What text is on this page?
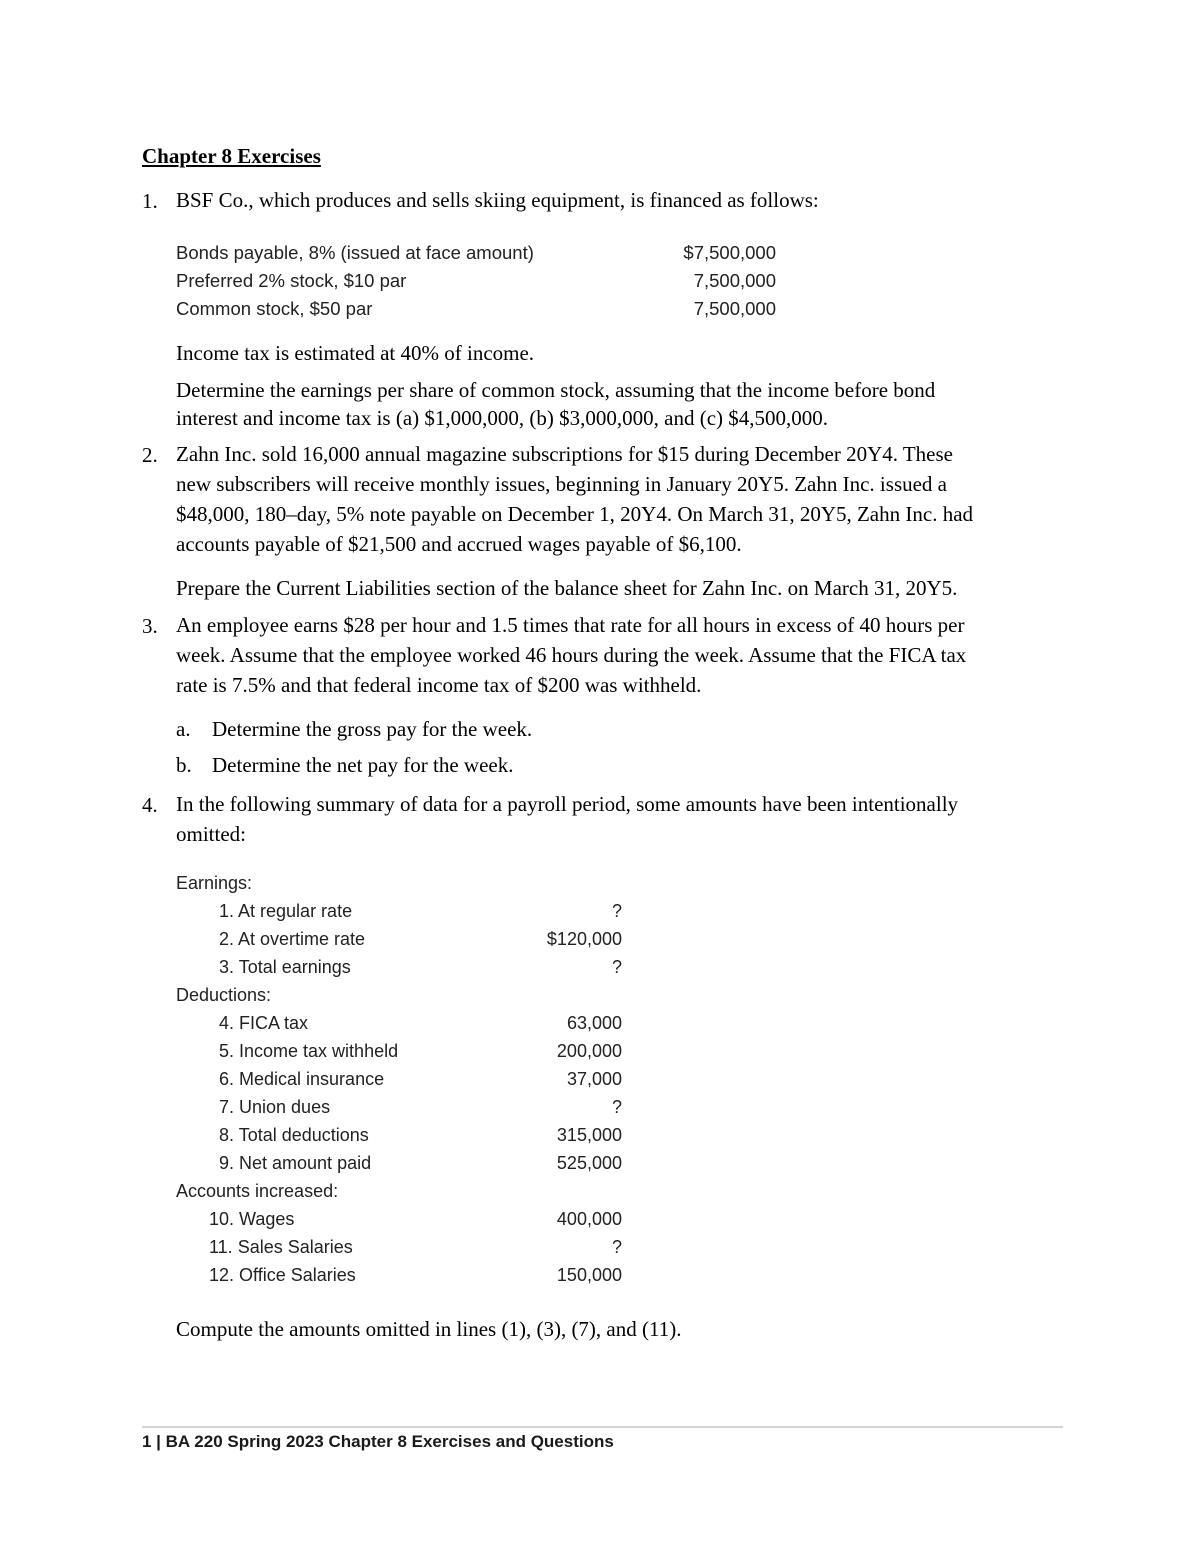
Chapter 8 Exercises
1. BSF Co., which produces and sells skiing equipment, is financed as follows:
Bonds payable, 8% (issued at face amount)	$7,500,000
Preferred 2% stock, $10 par	7,500,000
Common stock, $50 par	7,500,000
Income tax is estimated at 40% of income.
Determine the earnings per share of common stock, assuming that the income before bond
interest and income tax is (a) $1,000,000, (b) $3,000,000, and (c) $4,500,000.
2. Zahn Inc. sold 16,000 annual magazine subscriptions for $15 during December 20Y4. These
new subscribers will receive monthly issues, beginning in January 20Y5. Zahn Inc. issued a
$48,000, 180–day, 5% note payable on December 1, 20Y4. On March 31, 20Y5, Zahn Inc. had
accounts payable of $21,500 and accrued wages payable of $6,100.
Prepare the Current Liabilities section of the balance sheet for Zahn Inc. on March 31, 20Y5.
3. An employee earns $28 per hour and 1.5 times that rate for all hours in excess of 40 hours per
week. Assume that the employee worked 46 hours during the week. Assume that the FICA tax
rate is 7.5% and that federal income tax of $200 was withheld.
a. Determine the gross pay for the week.
b. Determine the net pay for the week.
4. In the following summary of data for a payroll period, some amounts have been intentionally
omitted:
Earnings:
1. At regular rate	?
2. At overtime rate	$120,000
3. Total earnings	?
Deductions:
4. FICA tax	63,000
5. Income tax withheld	200,000
6. Medical insurance	37,000
7. Union dues	?
8. Total deductions	315,000
9. Net amount paid	525,000
Accounts increased:
10. Wages	400,000
11. Sales Salaries	?
12. Office Salaries	150,000
Compute the amounts omitted in lines (1), (3), (7), and (11).
1 | BA 220 Spring 2023 Chapter 8 Exercises and Questions
